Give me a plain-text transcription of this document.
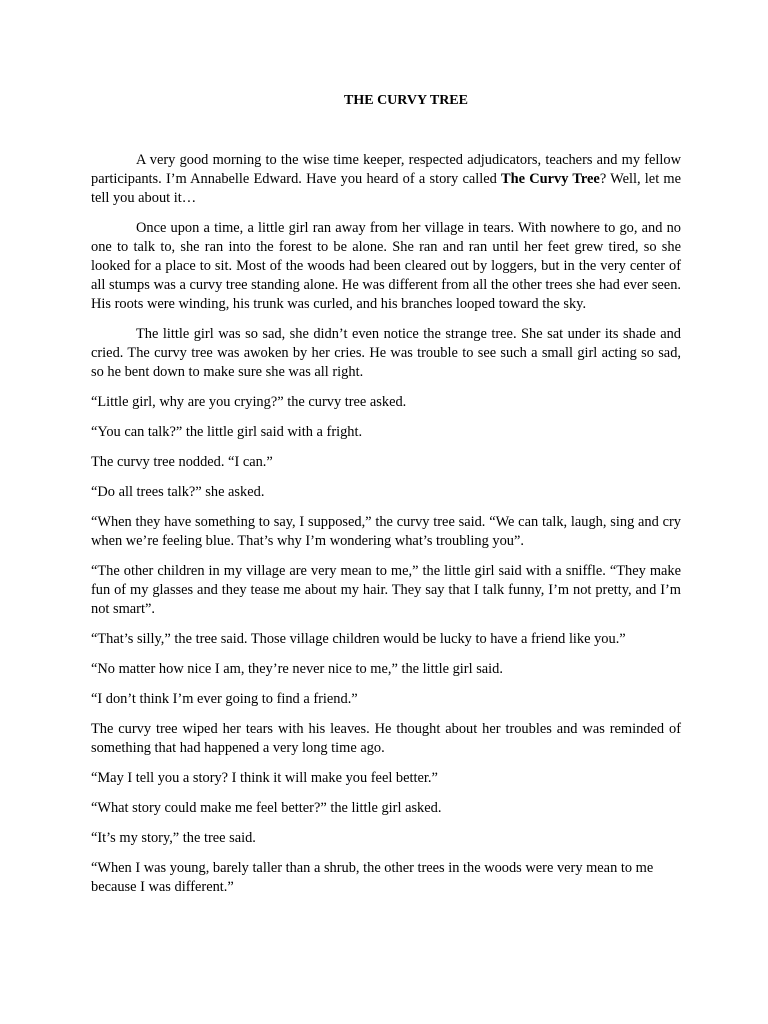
THE CURVY TREE

A very good morning to the wise time keeper, respected adjudicators, teachers and my fellow participants. I’m Annabelle Edward. Have you heard of a story called The Curvy Tree? Well, let me tell you about it…

Once upon a time, a little girl ran away from her village in tears. With nowhere to go, and no one to talk to, she ran into the forest to be alone. She ran and ran until her feet grew tired, so she looked for a place to sit. Most of the woods had been cleared out by loggers, but in the very center of all stumps was a curvy tree standing alone. He was different from all the other trees she had ever seen. His roots were winding, his trunk was curled, and his branches looped toward the sky.

The little girl was so sad, she didn’t even notice the strange tree. She sat under its shade and cried. The curvy tree was awoken by her cries. He was trouble to see such a small girl acting so sad, so he bent down to make sure she was all right.

“Little girl, why are you crying?” the curvy tree asked.

“You can talk?” the little girl said with a fright.

The curvy tree nodded. “I can.”

“Do all trees talk?” she asked.

“When they have something to say, I supposed,” the curvy tree said. “We can talk, laugh, sing and cry when we’re feeling blue. That’s why I’m wondering what’s troubling you”.

“The other children in my village are very mean to me,” the little girl said with a sniffle. “They make fun of my glasses and they tease me about my hair. They say that I talk funny, I’m not pretty, and I’m not smart”.

“That’s silly,” the tree said. Those village children would be lucky to have a friend like you.”

“No matter how nice I am, they’re never nice to me,” the little girl said.

“I don’t think I’m ever going to find a friend.”

The curvy tree wiped her tears with his leaves. He thought about her troubles and was reminded of something that had happened a very long time ago.

“May I tell you a story? I think it will make you feel better.”

“What story could make me feel better?” the little girl asked.

“It’s my story,” the tree said.

“When I was young, barely taller than a shrub, the other trees in the woods were very mean to me because I was different.”
